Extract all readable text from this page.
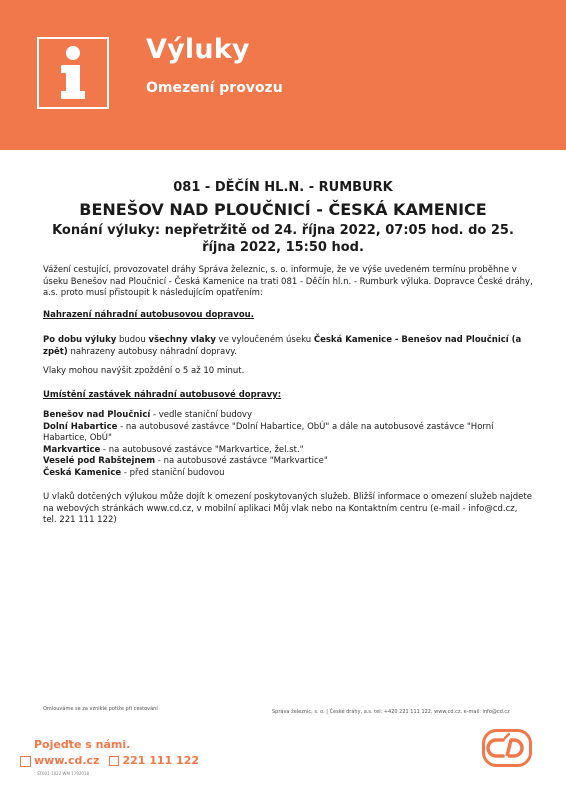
Výluky
Omezení provozu
081 - DĚČÍN HL.N. - RUMBURK
BENEŠOV NAD PLOUČNICÍ - ČESKÁ KAMENICE
Konání výluky: nepřetržitě od 24. října 2022, 07:05 hod. do 25.
října 2022, 15:50 hod.
Vážení cestující, provozovatel dráhy Správa železnic, s. o. informuje, že ve výše uvedeném termínu proběhne v úseku Benešov nad Ploučnicí - Česká Kamenice na trati 081 - Děčín hl.n. - Rumburk výluka. Dopravce České dráhy, a.s. proto musí přistoupit k následujícím opatřením:
Nahrazení náhradní autobusovou dopravou.
Po dobu výluky budou všechny vlaky ve vyloučeném úseku Česká Kamenice - Benešov nad Ploučnicí (a zpět) nahrazeny autobusy náhradní dopravy.
Vlaky mohou navýšit zpoždění o 5 až 10 minut.
Umístění zastávek náhradní autobusové dopravy:
Benešov nad Ploučnicí - vedle staniční budovy
Dolní Habartice - na autobusové zastávce "Dolní Habartice, ObÚ" a dále na autobusové zastávce "Horní Habartice, ObÚ"
Markvartice - na autobusové zastávce "Markvartice, žel.st."
Veselé pod Rabštejnem - na autobusové zastávce "Markvartice"
Česká Kamenice - před staniční budovou
U vlaků dotčených výlukou může dojít k omezení poskytovaných služeb. Bližší informace o omezení služeb najdete na webových stránkách www.cd.cz, v mobilní aplikaci Můj vlak nebo na Kontaktním centru (e-mail - info@cd.cz, tel. 221 111 122)
Omlouváme se za vzniklé potíže při cestování	Správa železnic, s. o. | České dráhy, a.s. tel: +420 221 111 122, www.cd.cz, e-mail: info@cd.cz
Pojeďte s námi.
www.cd.cz 221 111 122
ST001-1022 WM 1792018
